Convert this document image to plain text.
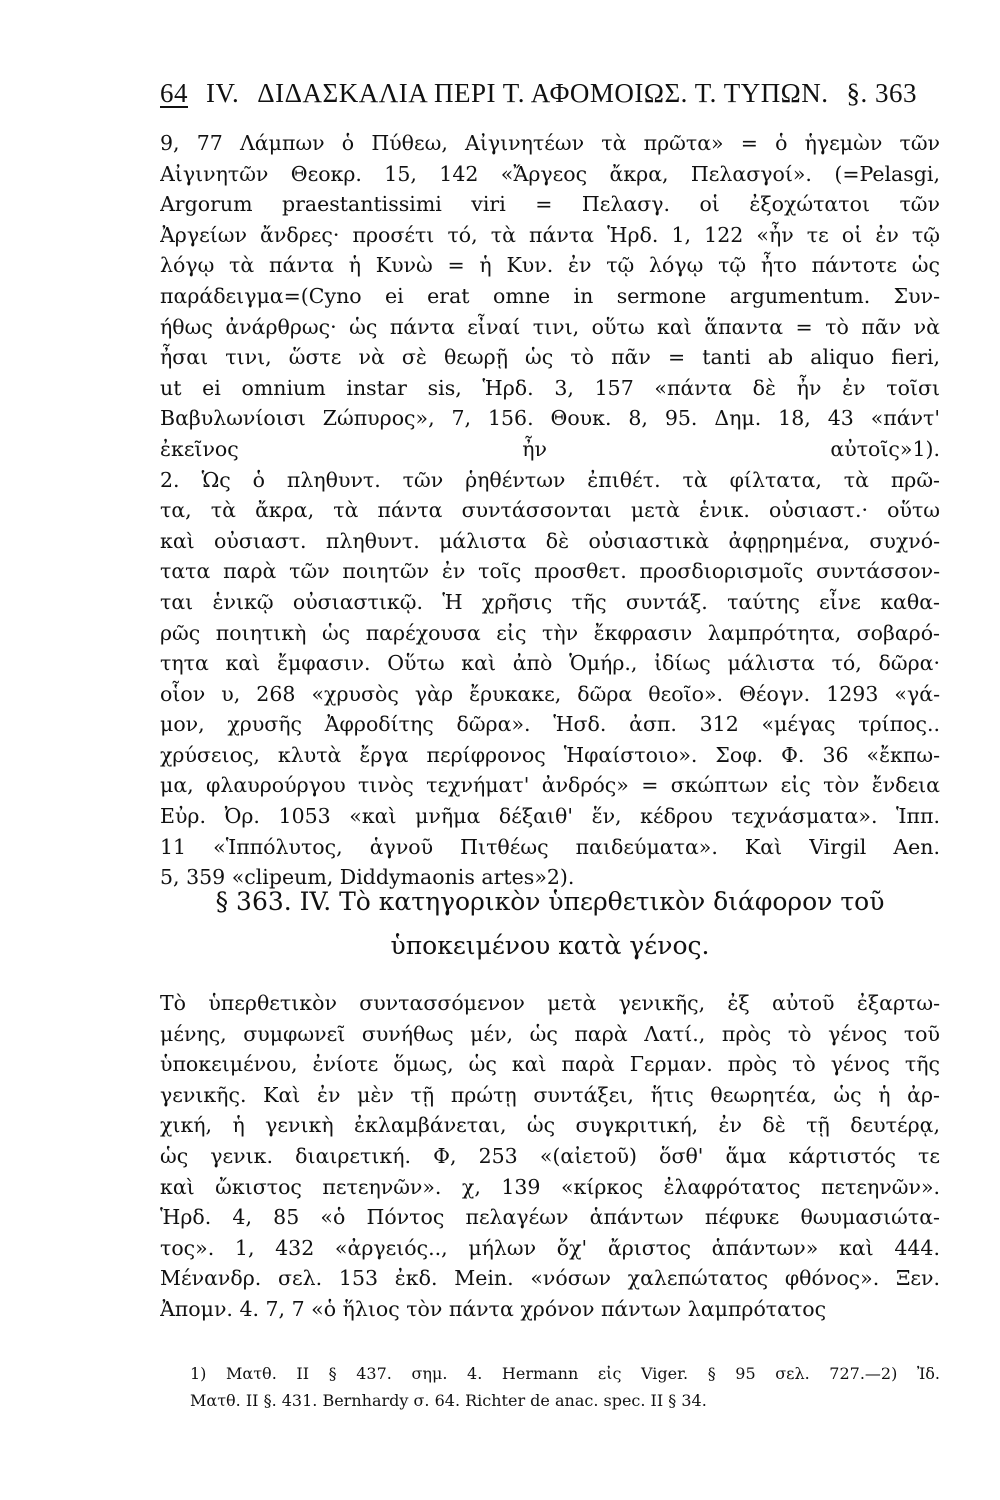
64 IV. ΔΙΔΑΣΚΑΛΙΑ ΠΕΡΙ Τ. ΑΦΟΜΟΙΩΣ. Τ. ΤΥΠΩΝ. §. 363
9, 77 Λάμπων ὁ Πύθεω, Αἰγινητέων τὰ πρῶτα» = ὁ ἡγεμὼν τῶν
Αἰγινητῶν Θεοκρ. 15, 142 «Ἄργεος ἄκρα, Πελασγοί». (=Pelasgi,
Argorum praestantissimi viri = Πελασγ. οἱ ἐξοχώτατοι τῶν
Ἀργείων ἄνδρες· προσέτι τό, τὰ πάντα Ἡρδ. 1, 122 «ἦν τε οἱ ἐν τῷ
λόγῳ τὰ πάντα ἡ Κυνὼ = ἡ Κυν. ἐν τῷ λόγῳ τῷ ἦτο πάντοτε ὡς
παράδειγμα=(Cyno ei erat omne in sermone argumentum. Συν-
ήθως ἀνάρθρως· ὡς πάντα εἶναί τινι, οὕτω καὶ ἅπαντα = τὸ πᾶν νὰ
ἦσαι τινι, ὥστε νὰ σὲ θεωρῇ ὡς τὸ πᾶν = tanti ab aliquo fieri,
ut ei omnium instar sis, Ἡρδ. 3, 157 «πάντα δὲ ἦν ἐν τοῖσι
Βαβυλωνίοισι Ζώπυρος», 7, 156. Θουκ. 8, 95. Δημ. 18, 43 «πάντ'
ἐκεῖνος ἦν αὐτοῖς»1).
2. Ὡς ὁ πληθυντ. τῶν ῥηθέντων ἐπιθέτ. τὰ φίλτατα, τὰ πρῶ-
τα, τὰ ἄκρα, τὰ πάντα συντάσσονται μετὰ ἑνικ. οὐσιαστ.· οὕτω
καὶ οὐσιαστ. πληθυντ. μάλιστα δὲ οὐσιαστικὰ ἀφῃρημένα, συχνό-
τατα παρὰ τῶν ποιητῶν ἐν τοῖς προσθετ. προσδιορισμοῖς συντάσσον-
ται ἑνικῷ οὐσιαστικῷ. Ἡ χρῆσις τῆς συντάξ. ταύτης εἶνε καθα-
ρῶς ποιητικὴ ὡς παρέχουσα εἰς τὴν ἔκφρασιν λαμπρότητα, σοβαρό-
τητα καὶ ἔμφασιν. Οὕτω καὶ ἀπὸ Ὁμήρ., ἰδίως μάλιστα τό, δῶρα·
οἷον υ, 268 «χρυσὸς γὰρ ἔρυκακε, δῶρα θεοῖο». Θέογν. 1293 «γά-
μον, χρυσῆς Ἀφροδίτης δῶρα». Ἡσδ. ἀσπ. 312 «μέγας τρίπος..
χρύσειος, κλυτὰ ἔργα περίφρονος Ἡφαίστοιο». Σοφ. Φ. 36 «ἔκπω-
μα, φλαυρούργου τινὸς τεχνήματ' ἀνδρός» = σκώπτων εἰς τὸν ἔνδεια
Εὐρ. Ὀρ. 1053 «καὶ μνῆμα δέξαιθ' ἕν, κέδρου τεχνάσματα». Ἱππ.
11 «Ἱππόλυτος, ἁγνοῦ Πιτθέως παιδεύματα». Καὶ Virgil Aen.
5, 359 «clipeum, Diddymaonis artes»2).
§ 363. IV. Τὸ κατηγορικὸν ὑπερθετικὸν διάφορον τοῦ
ὑποκειμένου κατὰ γένος.
Τὸ ὑπερθετικὸν συντασσόμενον μετὰ γενικῆς, ἐξ αὐτοῦ ἐξαρτω-
μένης, συμφωνεῖ συνήθως μέν, ὡς παρὰ Λατί., πρὸς τὸ γένος τοῦ
ὑποκειμένου, ἐνίοτε ὅμως, ὡς καὶ παρὰ Γερμαν. πρὸς τὸ γένος τῆς
γενικῆς. Καὶ ἐν μὲν τῇ πρώτῃ συντάξει, ἥτις θεωρητέα, ὡς ἡ ἀρ-
χική, ἡ γενικὴ ἐκλαμβάνεται, ὡς συγκριτική, ἐν δὲ τῇ δευτέρᾳ,
ὡς γενικ. διαιρετική. Φ, 253 «(αἰετοῦ) ὅσθ' ἅμα κάρτιστός τε
καὶ ὤκιστος πετεηνῶν». χ, 139 «κίρκος ἐλαφρότατος πετεηνῶν».
Ἡρδ. 4, 85 «ὁ Πόντος πελαγέων ἁπάντων πέφυκε θωυμασιώτα-
τος». 1, 432 «ἀργειός.., μήλων ὄχ' ἄριστος ἁπάντων» καὶ 444.
Μένανδρ. σελ. 153 ἐκδ. Mein. «νόσων χαλεπώτατος φθόνος». Ξεν.
Ἀπομν. 4. 7, 7 «ὁ ἥλιος τὸν πάντα χρόνον πάντων λαμπρότατος
1) Ματθ. II § 437. σημ. 4. Hermann εἰς Viger. § 95 σελ. 727.—2) Ἰδ.
Ματθ. II §. 431. Bernhardy σ. 64. Richter de anac. spec. II § 34.
